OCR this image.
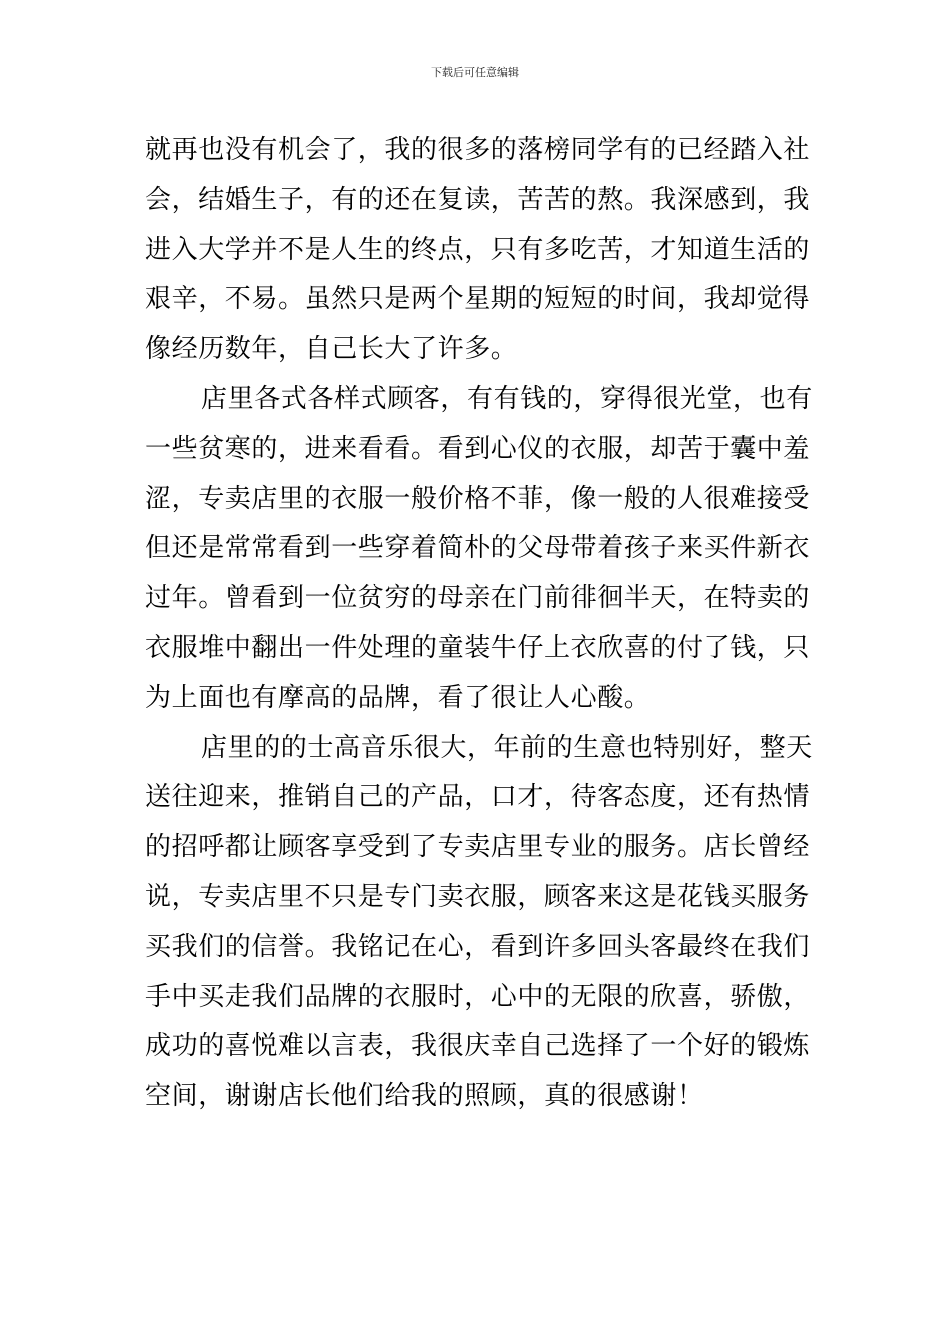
下载后可任意编辑
就再也没有机会了，我的很多的落榜同学有的已经踏入社
会，结婚生子，有的还在复读，苦苦的熬。我深感到，我
进入大学并不是人生的终点，只有多吃苦，才知道生活的
艰辛，不易。虽然只是两个星期的短短的时间，我却觉得
像经历数年，自己长大了许多。
店里各式各样式顾客，有有钱的，穿得很光堂，也有
一些贫寒的，进来看看。看到心仪的衣服，却苦于囊中羞
涩，专卖店里的衣服一般价格不菲，像一般的人很难接受
但还是常常看到一些穿着简朴的父母带着孩子来买件新衣
过年。曾看到一位贫穷的母亲在门前徘徊半天，在特卖的
衣服堆中翻出一件处理的童装牛仔上衣欣喜的付了钱，只
为上面也有摩高的品牌，看了很让人心酸。
店里的的士高音乐很大，年前的生意也特别好，整天
送往迎来，推销自己的产品，口才，待客态度，还有热情
的招呼都让顾客享受到了专卖店里专业的服务。店长曾经
说，专卖店里不只是专门卖衣服，顾客来这是花钱买服务
买我们的信誉。我铭记在心，看到许多回头客最终在我们
手中买走我们品牌的衣服时，心中的无限的欣喜，骄傲，
成功的喜悦难以言表，我很庆幸自己选择了一个好的锻炼
空间，谢谢店长他们给我的照顾，真的很感谢！
